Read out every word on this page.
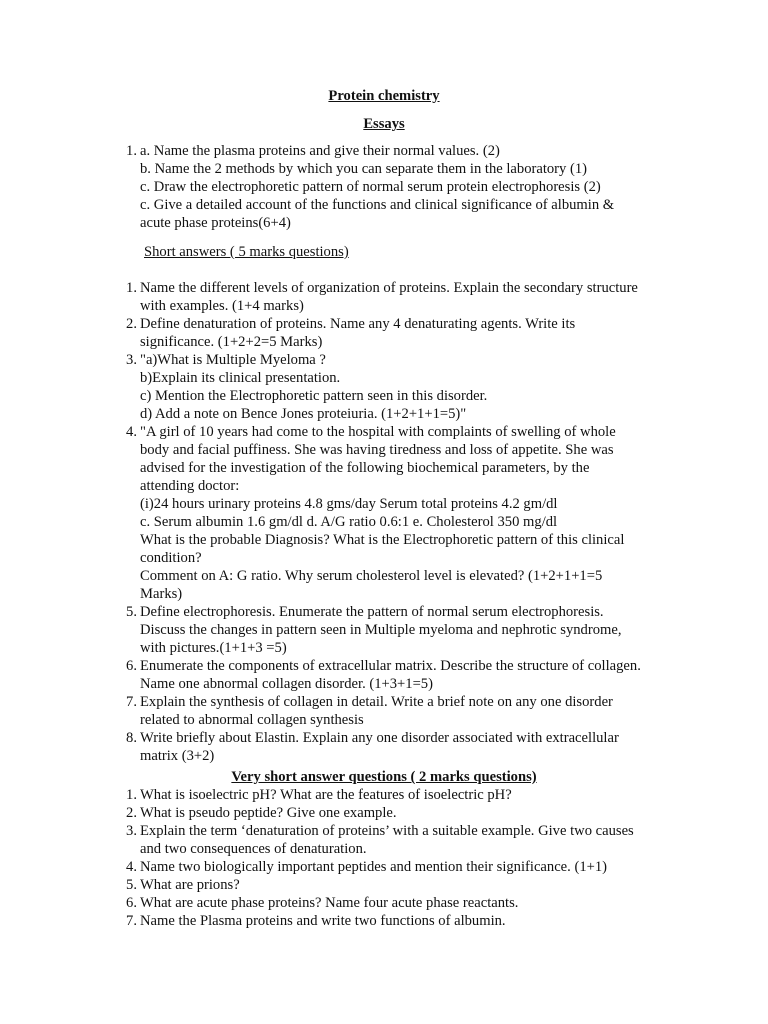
Protein chemistry
Essays
1. a. Name the plasma proteins and give their normal values. (2)
b. Name the 2 methods by which you can separate them in the laboratory (1)
c. Draw the electrophoretic pattern of normal serum protein electrophoresis (2)
c. Give a detailed account of the functions and clinical significance of albumin &
acute phase proteins(6+4)
Short answers ( 5 marks questions)
1. Name the different levels of organization of proteins. Explain the secondary structure
with examples. (1+4 marks)
2. Define denaturation of proteins. Name any 4 denaturating agents. Write its
significance. (1+2+2=5 Marks)
3. "a)What is Multiple Myeloma ?
b)Explain its clinical presentation.
c) Mention the Electrophoretic pattern seen in this disorder.
d) Add a note on Bence Jones proteiuria. (1+2+1+1=5)"
4. "A girl of 10 years had come to the hospital with complaints of swelling of whole
body and facial puffiness. She was having tiredness and loss of appetite. She was
advised for the investigation of the following biochemical parameters, by the
attending doctor:
(i)24 hours urinary proteins 4.8 gms/day Serum total proteins 4.2 gm/dl
c. Serum albumin 1.6 gm/dl d. A/G ratio 0.6:1 e. Cholesterol 350 mg/dl
What is the probable Diagnosis? What is the Electrophoretic pattern of this clinical
condition?
Comment on A: G ratio. Why serum cholesterol level is elevated? (1+2+1+1=5
Marks)
5. Define electrophoresis. Enumerate the pattern of normal serum electrophoresis.
Discuss the changes in pattern seen in Multiple myeloma and nephrotic syndrome,
with pictures.(1+1+3 =5)
6. Enumerate the components of extracellular matrix. Describe the structure of collagen.
Name one abnormal collagen disorder. (1+3+1=5)
7. Explain the synthesis of collagen in detail. Write a brief note on any one disorder
related to abnormal collagen synthesis
8. Write briefly about Elastin. Explain any one disorder associated with extracellular
matrix (3+2)
Very short answer questions ( 2 marks questions)
1. What is isoelectric pH? What are the features of isoelectric pH?
2. What is pseudo peptide? Give one example.
3. Explain the term ‘denaturation of proteins’ with a suitable example. Give two causes
and two consequences of denaturation.
4. Name two biologically important peptides and mention their significance. (1+1)
5. What are prions?
6. What are acute phase proteins? Name four acute phase reactants.
7. Name the Plasma proteins and write two functions of albumin.
